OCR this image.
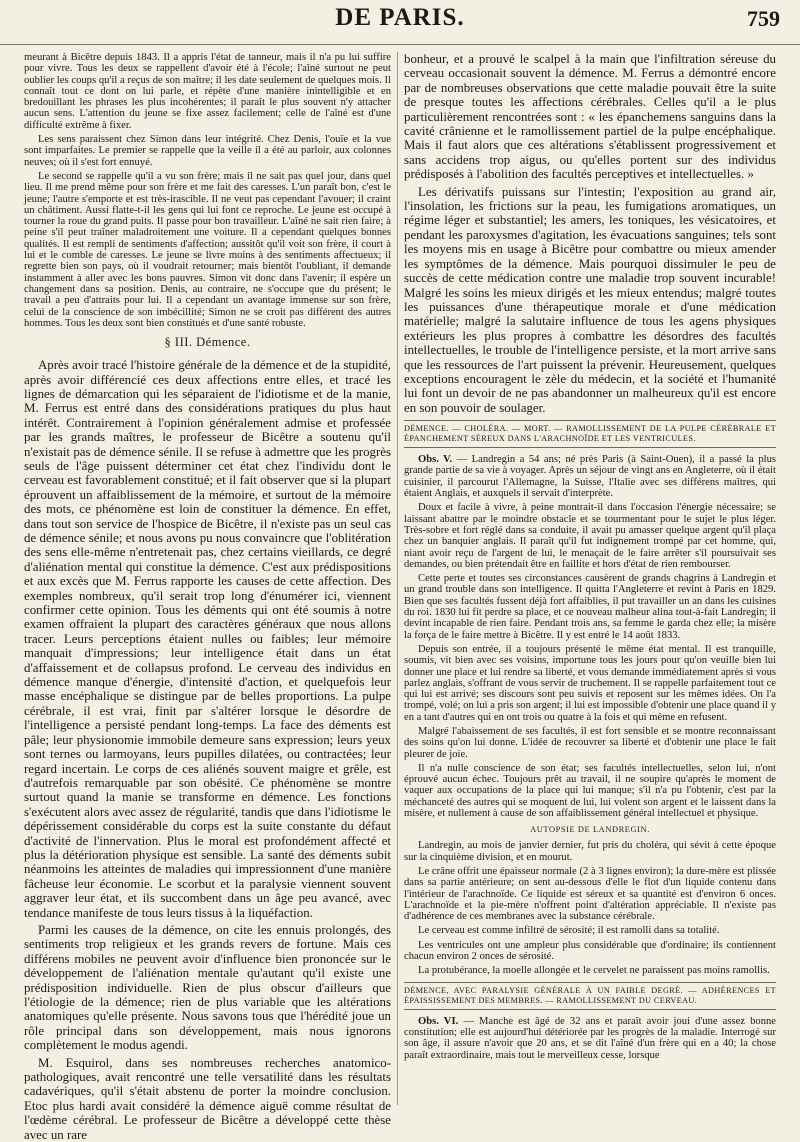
DE PARIS.	759

meurant à Bicêtre depuis 1843. Il a appris l'état de tanneur, mais il n'a pu lui suffire pour vivre. Tous les deux se rappellent d'avoir été à l'école; l'aîné surtout ne peut oublier les coups qu'il a reçus de son maître; il les date seulement de quelques mois. Il connaît tout ce dont on lui parle, et répète d'une manière inintelligible et en bredouillant les phrases les plus incohérentes; il paraît le plus souvent n'y attacher aucun sens. L'attention du jeune se fixe assez facilement; celle de l'aîné est d'une difficulté extrême à fixer.

Les sens paraissent chez Simon dans leur intégrité. Chez Denis, l'ouïe et la vue sont imparfaites. Le premier se rappelle que la veille il a été au parloir, aux colonnes neuves; où il s'est fort ennuyé.

Le second se rappelle qu'il a vu son frère; mais il ne sait pas quel jour, dans quel lieu. Il me prend même pour son frère et me fait des caresses. L'un paraît bon, c'est le jeune; l'autre s'emporte et est très-irascible. Il ne veut pas cependant l'avouer; il craint un châtiment. Aussi flatte-t-il les gens qui lui font ce reproche. Le jeune est occupé à tourner la roue du grand puits. Il passe pour bon travailleur. L'aîné ne sait rien faire; à peine s'il peut traîner maladroitement une voiture. Il a cependant quelques bonnes qualités. Il est rempli de sentiments d'affection; aussitôt qu'il voit son frère, il court à lui et le comble de caresses. Le jeune se livre moins à des sentiments affectueux; il regrette bien son pays, où il voudrait retourner; mais bientôt l'oubliant, il demande instamment à aller avec les bons pauvres. Simon vit donc dans l'avenir; il espère un changement dans sa position. Denis, au contraire, ne s'occupe que du présent; le travail a peu d'attraits pour lui. Il a cependant un avantage immense sur son frère, celui de la conscience de son imbécillité; Simon ne se croit pas différent des autres hommes. Tous les deux sont bien constitués et d'une santé robuste.

§ III. Démence.

Après avoir tracé l'histoire générale de la démence et de la stupidité, après avoir différencié ces deux affections entre elles, et tracé les lignes de démarcation qui les séparaient de l'idiotisme et de la manie, M. Ferrus est entré dans des considérations pratiques du plus haut intérêt. Contrairement à l'opinion généralement admise et professée par les grands maîtres, le professeur de Bicêtre a soutenu qu'il n'existait pas de démence sénile. Il se refuse à admettre que les progrès seuls de l'âge puissent déterminer cet état chez l'individu dont le cerveau est favorablement constitué; et il fait observer que si la plupart éprouvent un affaiblissement de la mémoire, et surtout de la mémoire des mots, ce phénomène est loin de constituer la démence. En effet, dans tout son service de l'hospice de Bicêtre, il n'existe pas un seul cas de démence sénile; et nous avons pu nous convaincre que l'oblitération des sens elle-même n'entretenait pas, chez certains vieillards, ce degré d'aliénation mental qui constitue la démence. C'est aux prédispositions et aux excès que M. Ferrus rapporte les causes de cette affection. Des exemples nombreux, qu'il serait trop long d'énumérer ici, viennent confirmer cette opinion. Tous les déments qui ont été soumis à notre examen offraient la plupart des caractères généraux que nous allons tracer. Leurs perceptions étaient nulles ou faibles; leur mémoire manquait d'impressions; leur intelligence était dans un état d'affaissement et de collapsus profond. Le cerveau des individus en démence manque d'énergie, d'intensité d'action, et quelquefois leur masse encéphalique se distingue par de belles proportions. La pulpe cérébrale, il est vrai, finit par s'altérer lorsque le désordre de l'intelligence a persisté pendant long-temps. La face des déments est pâle; leur physionomie immobile demeure sans expression; leurs yeux sont ternes ou larmoyans, leurs pupilles dilatées, ou contractées; leur regard incertain. Le corps de ces aliénés souvent maigre et grêle, est d'autrefois remarquable par son obésité. Ce phénomène se montre surtout quand la manie se transforme en démence. Les fonctions s'exécutent alors avec assez de régularité, tandis que dans l'idiotisme le dépérissement considérable du corps est la suite constante du défaut d'activité de l'innervation. Plus le moral est profondément affecté et plus la détérioration physique est sensible. La santé des déments subit néanmoins les atteintes de maladies qui impressionnent d'une manière fâcheuse leur économie. Le scorbut et la paralysie viennent souvent aggraver leur état, et ils succombent dans un âge peu avancé, avec tendance manifeste de tous leurs tissus à la liquéfaction.

Parmi les causes de la démence, on cite les ennuis prolongés, des sentiments trop religieux et les grands revers de fortune. Mais ces différens mobiles ne peuvent avoir d'influence bien prononcée sur le développement de l'aliénation mentale qu'autant qu'il existe une prédisposition individuelle. Rien de plus obscur d'ailleurs que l'étiologie de la démence; rien de plus variable que les altérations anatomiques qu'elle présente. Nous savons tous que l'hérédité joue un rôle principal dans son développement, mais nous ignorons complètement le modus agendi.

M. Esquirol, dans ses nombreuses recherches anatomico-pathologiques, avait rencontré une telle versatilité dans les résultats cadavériques, qu'il s'était abstenu de porter la moindre conclusion. Etoc plus hardi avait considéré la démence aiguë comme résultat de l'œdème cérébral. Le professeur de Bicêtre a développé cette thèse avec un rare

bonheur, et a prouvé le scalpel à la main que l'infiltration séreuse du cerveau occasionait souvent la démence. M. Ferrus a démontré encore par de nombreuses observations que cette maladie pouvait être la suite de presque toutes les affections cérébrales. Celles qu'il a le plus particulièrement rencontrées sont : « les épanchemens sanguins dans la cavité crânienne et le ramollissement partiel de la pulpe encéphalique. Mais il faut alors que ces altérations s'établissent progressivement et sans accidens trop aigus, ou qu'elles portent sur des individus prédisposés à l'abolition des facultés perceptives et intellectuelles. »

Les dérivatifs puissans sur l'intestin; l'exposition au grand air, l'insolation, les frictions sur la peau, les fumigations aromatiques, un régime léger et substantiel; les amers, les toniques, les vésicatoires, et pendant les paroxysmes d'agitation, les évacuations sanguines; tels sont les moyens mis en usage à Bicêtre pour combattre ou mieux amender les symptômes de la démence. Mais pourquoi dissimuler le peu de succès de cette médication contre une maladie trop souvent incurable! Malgré les soins les mieux dirigés et les mieux entendus; malgré toutes les puissances d'une thérapeutique morale et d'une médication matérielle; malgré la salutaire influence de tous les agens physiques extérieurs les plus propres à combattre les désordres des facultés intellectuelles, le trouble de l'intelligence persiste, et la mort arrive sans que les ressources de l'art puissent la prévenir. Heureusement, quelques exceptions encouragent le zèle du médecin, et la société et l'humanité lui font un devoir de ne pas abandonner un malheureux qu'il est encore en son pouvoir de soulager.

DÉMENCE. — CHOLÉRA. — MORT. — RAMOLLISSEMENT DE LA PULPE CÉRÉBRALE ET ÉPANCHEMENT SÉREUX DANS L'ARACHNOÏDE ET LES VENTRICULES.

Obs. V. — Landregin a 54 ans; né près Paris (à Saint-Ouen), il a passé la plus grande partie de sa vie à voyager. Après un séjour de vingt ans en Angleterre, où il était cuisinier, il parcourut l'Allemagne, la Suisse, l'Italie avec ses différens maîtres, qui étaient Anglais, et auxquels il servait d'interprète.

Doux et facile à vivre, à peine montrait-il dans l'occasion l'énergie nécessaire; se laissant abattre par le moindre obstacle et se tourmentant pour le sujet le plus léger. Très-sobre et fort réglé dans sa conduite, il avait pu amasser quelque argent qu'il plaça chez un banquier anglais. Il paraît qu'il fut indignement trompé par cet homme, qui, niant avoir reçu de l'argent de lui, le menaçait de le faire arrêter s'il poursuivait ses demandes, ou bien prétendait être en faillite et hors d'état de rien rembourser.

Cette perte et toutes ses circonstances causèrent de grands chagrins à Landregin et un grand trouble dans son intelligence. Il quitta l'Angleterre et revint à Paris en 1829. Bien que ses facultés fussent déjà fort affaiblies, il put travailler un an dans les cuisines du roi. 1830 lui fit perdre sa place, et ce nouveau malheur alina tout-à-fait Landregin; il devint incapable de rien faire. Pendant trois ans, sa femme le garda chez elle; la misère la força de le faire mettre à Bicêtre. Il y est entré le 14 août 1833.

Depuis son entrée, il a toujours présenté le même état mental. Il est tranquille, soumis, vit bien avec ses voisins, importune tous les jours pour qu'on veuille bien lui donner une place et lui rendre sa liberté, et vous demande immédiatement après si vous parlez anglais, s'offrant de vous servir de truchement. Il se rappelle parfaitement tout ce qui lui est arrivé; ses discours sont peu suivis et reposent sur les mêmes idées. On l'a trompé, volé; on lui a pris son argent; il lui est impossible d'obtenir une place quand il y en a tant d'autres qui en ont trois ou quatre à la fois et qui même en refusent.

Malgré l'abaissement de ses facultés, il est fort sensible et se montre reconnaissant des soins qu'on lui donne. L'idée de recouvrer sa liberté et d'obtenir une place le fait pleurer de joie.

Il n'a nulle conscience de son état; ses facultés intellectuelles, selon lui, n'ont éprouvé aucun échec. Toujours prêt au travail, il ne soupire qu'après le moment de vaquer aux occupations de la place qui lui manque; s'il n'a pu l'obtenir, c'est par la méchanceté des autres qui se moquent de lui, lui volent son argent et le laissent dans la misère, et nullement à cause de son affaiblissement général intellectuel et physique.

AUTOPSIE DE LANDREGIN.

Landregin, au mois de janvier dernier, fut pris du choléra, qui sévit à cette époque sur la cinquième division, et en mourut.

Le crâne offrit une épaisseur normale (2 à 3 lignes environ); la dure-mère est plissée dans sa partie antérieure; on sent au-dessous d'elle le flot d'un liquide contenu dans l'intérieur de l'arachnoïde. Ce liquide est séreux et sa quantité est d'environ 6 onces. L'arachnoïde et la pie-mère n'offrent point d'altération appréciable. Il n'existe pas d'adhérence de ces membranes avec la substance cérébrale.

Le cerveau est comme infiltré de sérosité; il est ramolli dans sa totalité.

Les ventricules ont une ampleur plus considérable que d'ordinaire; ils contiennent chacun environ 2 onces de sérosité.

La protubérance, la moelle allongée et le cervelet ne paraissent pas moins ramollis.

DÉMENCE, AVEC PARALYSIE GÉNÉRALE À UN FAIBLE DEGRÉ. — ADHÉRENCES ET ÉPAISSISSEMENT DES MEMBRES. — RAMOLLISSEMENT DU CERVEAU.

Obs. VI. — Manche est âgé de 32 ans et paraît avoir joui d'une assez bonne constitution; elle est aujourd'hui détériorée par les progrès de la maladie. Interrogé sur son âge, il assure n'avoir que 20 ans, et se dit l'aîné d'un frère qui en a 40; la chose paraît extraordinaire, mais tout le merveilleux cesse, lorsque
